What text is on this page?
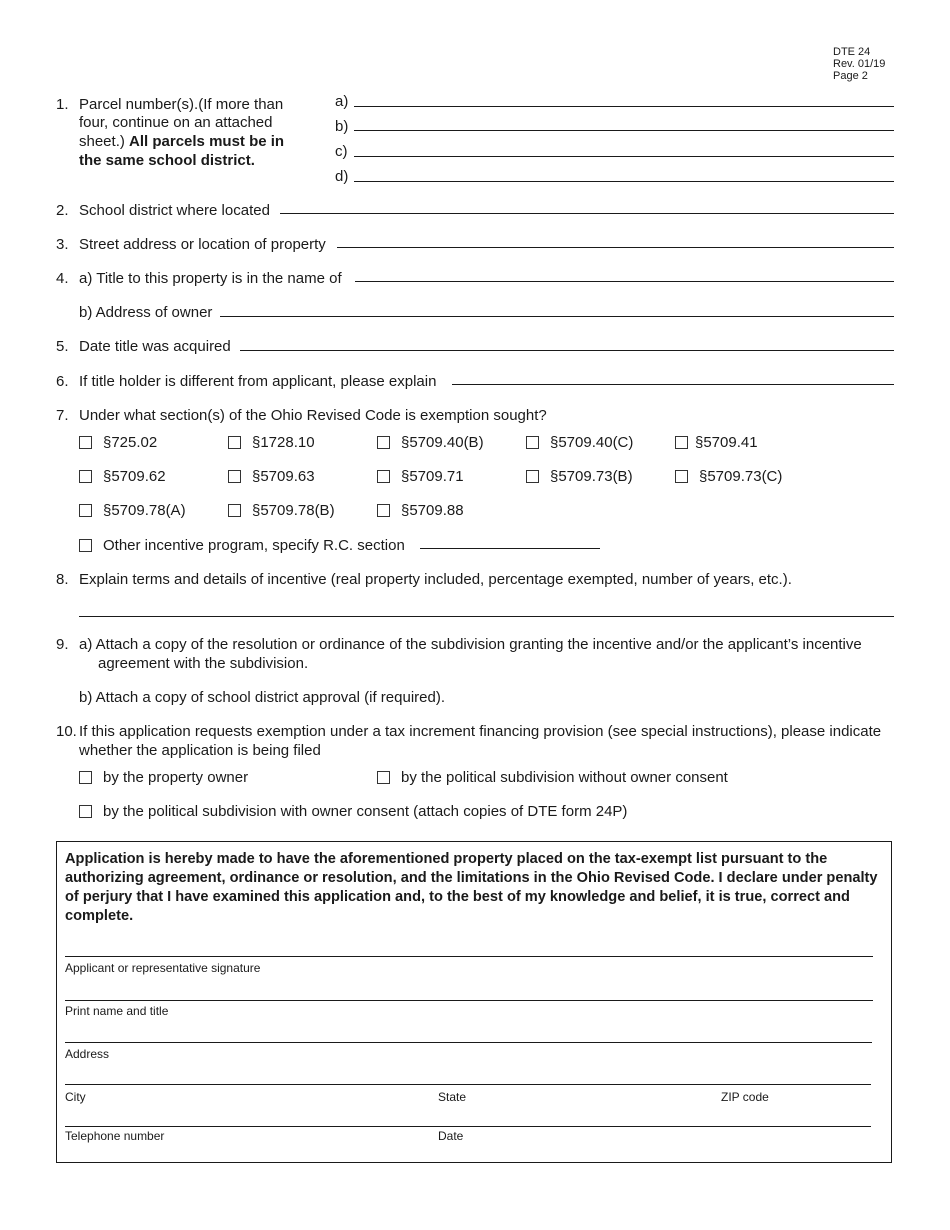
DTE 24
Rev. 01/19
Page 2
1. Parcel number(s).(If more than
four, continue on an attached
sheet.) All parcels must be in
the same school district.
a)
b)
c)
d)
2. School district where located
3. Street address or location of property
4. a) Title to this property is in the name of
b) Address of owner
5. Date title was acquired
6. If title holder is different from applicant, please explain
7. Under what section(s) of the Ohio Revised Code is exemption sought?
§725.02	§1728.10	§5709.40(B)	§5709.40(C)	§5709.41
§5709.62	§5709.63	§5709.71	§5709.73(B)	§5709.73(C)
§5709.78(A)	§5709.78(B)	§5709.88
Other incentive program, specify R.C. section
8. Explain terms and details of incentive (real property included, percentage exempted, number of years, etc.).
9. a) Attach a copy of the resolution or ordinance of the subdivision granting the incentive and/or the applicant’s incentive
agreement with the subdivision.
b) Attach a copy of school district approval (if required).
10. If this application requests exemption under a tax increment financing provision (see special instructions), please indicate
whether the application is being filed
by the property owner	by the political subdivision without owner consent
by the political subdivision with owner consent (attach copies of DTE form 24P)
Application is hereby made to have the aforementioned property placed on the tax-exempt list pursuant to the authorizing agreement, ordinance or resolution, and the limitations in the Ohio Revised Code. I declare under penalty of perjury that I have examined this application and, to the best of my knowledge and belief, it is true, correct and complete.
Applicant or representative signature
Print name and title
Address
City	State	ZIP code
Telephone number	Date
